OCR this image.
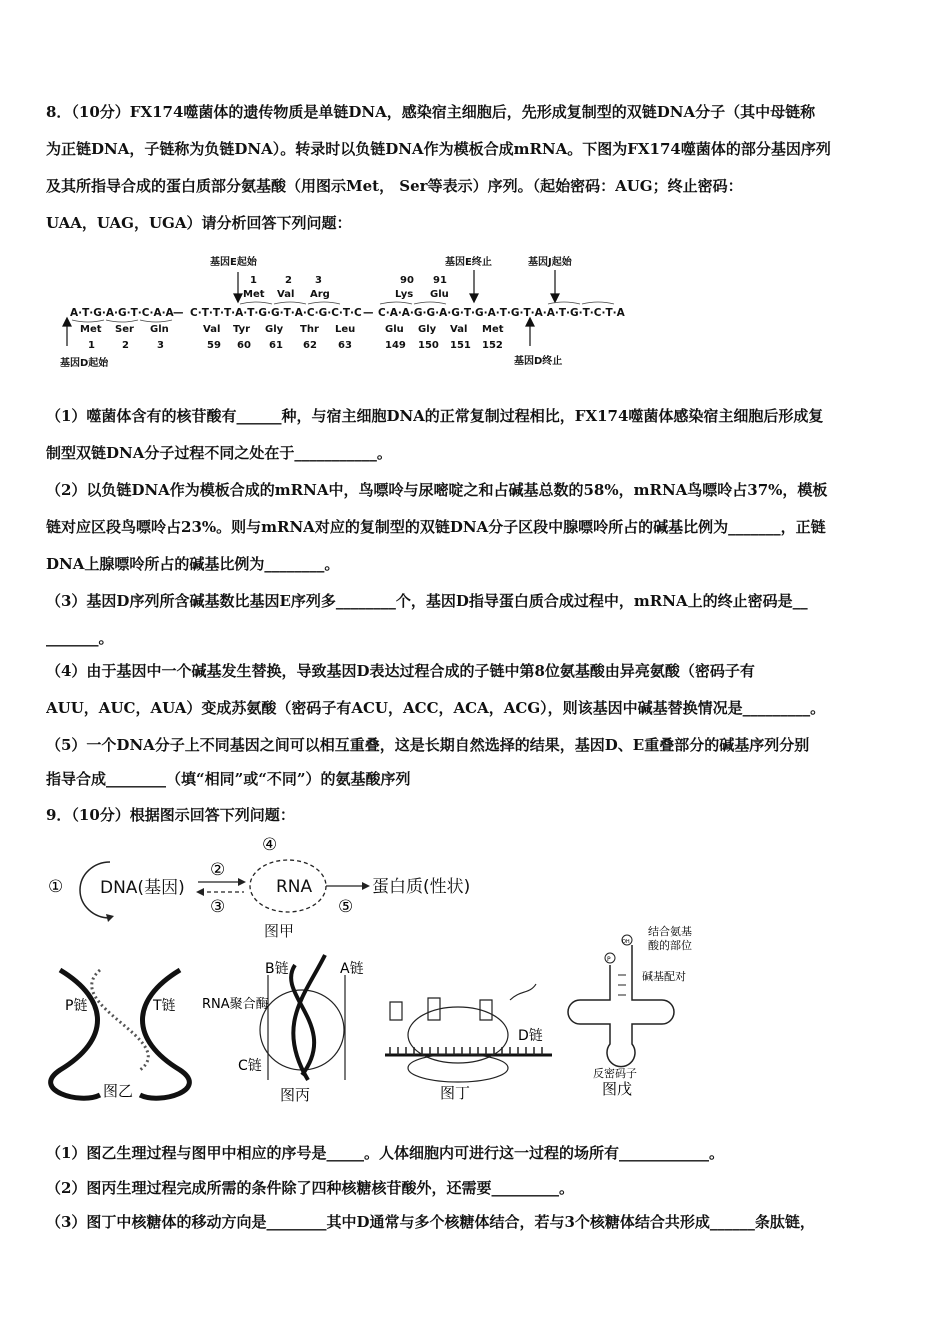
8．（10分）FX174噬菌体的遗传物质是单链DNA，感染宿主细胞后，先形成复制型的双链DNA分子（其中母链称
为正链DNA，子链称为负链DNA）。转录时以负链DNA作为模板合成mRNA。下图为FX174噬菌体的部分基因序列
及其所指导合成的蛋白质部分氨基酸（用图示Met， Ser等表示）序列。（起始密码：AUG；终止密码：
UAA，UAG，UGA）请分析回答下列问题：
基因E起始	基因E终止	基因J起始
1	2 3	90 91
Met Val Arg	Lys Glu
A·T·G·A·G·T·C·A·A — C·T·T·T·A·T·G·G·T·A·C·G·C·T·C — C·A·A·G·G·A·G·T·G·A·T·G·T·A·A·T·G·T·C·T·A
Met Ser Gln	Val Tyr Gly Thr Leu	Glu Gly Val Met
1	2	3	59 60 61 62 63	149 150 151 152
基因D起始	基因D终止
（1）噬菌体含有的核苷酸有______种，与宿主细胞DNA的正常复制过程相比，FX174噬菌体感染宿主细胞后形成复
制型双链DNA分子过程不同之处在于___________。
（2）以负链DNA作为模板合成的mRNA中，鸟嘌呤与尿嘧啶之和占碱基总数的58%，mRNA鸟嘌呤占37%，模板
链对应区段鸟嘌呤占23%。则与mRNA对应的复制型的双链DNA分子区段中腺嘌呤所占的碱基比例为_______，正链
DNA上腺嘌呤所占的碱基比例为________。
（3）基因D序列所含碱基数比基因E序列多________个，基因D指导蛋白质合成过程中，mRNA上的终止密码是__
_______。
（4）由于基因中一个碱基发生替换，导致基因D表达过程合成的子链中第8位氨基酸由异亮氨酸（密码子有
AUU，AUC，AUA）变成苏氨酸（密码子有ACU，ACC，ACA，ACG），则该基因中碱基替换情况是_________。
（5）一个DNA分子上不同基因之间可以相互重叠，这是长期自然选择的结果，基因D、E重叠部分的碱基序列分别
指导合成________（填“相同”或“不同”）的氨基酸序列
9．（10分）根据图示回答下列问题：
① DNA(基因)
②
③
④
RNA
⑤
蛋白质(性状)
图甲
P链	T链
图乙
B链	A链
RNA聚合酶
C链
图丙
D链
图丁
OH
P
结合氨基
酸的部位
碱基配对
反密码子
图戊
（1）图乙生理过程与图甲中相应的序号是_____。人体细胞内可进行这一过程的场所有____________。
（2）图丙生理过程完成所需的条件除了四种核糖核苷酸外，还需要_________。
（3）图丁中核糖体的移动方向是________其中D通常与多个核糖体结合，若与3个核糖体结合共形成______条肽链，
